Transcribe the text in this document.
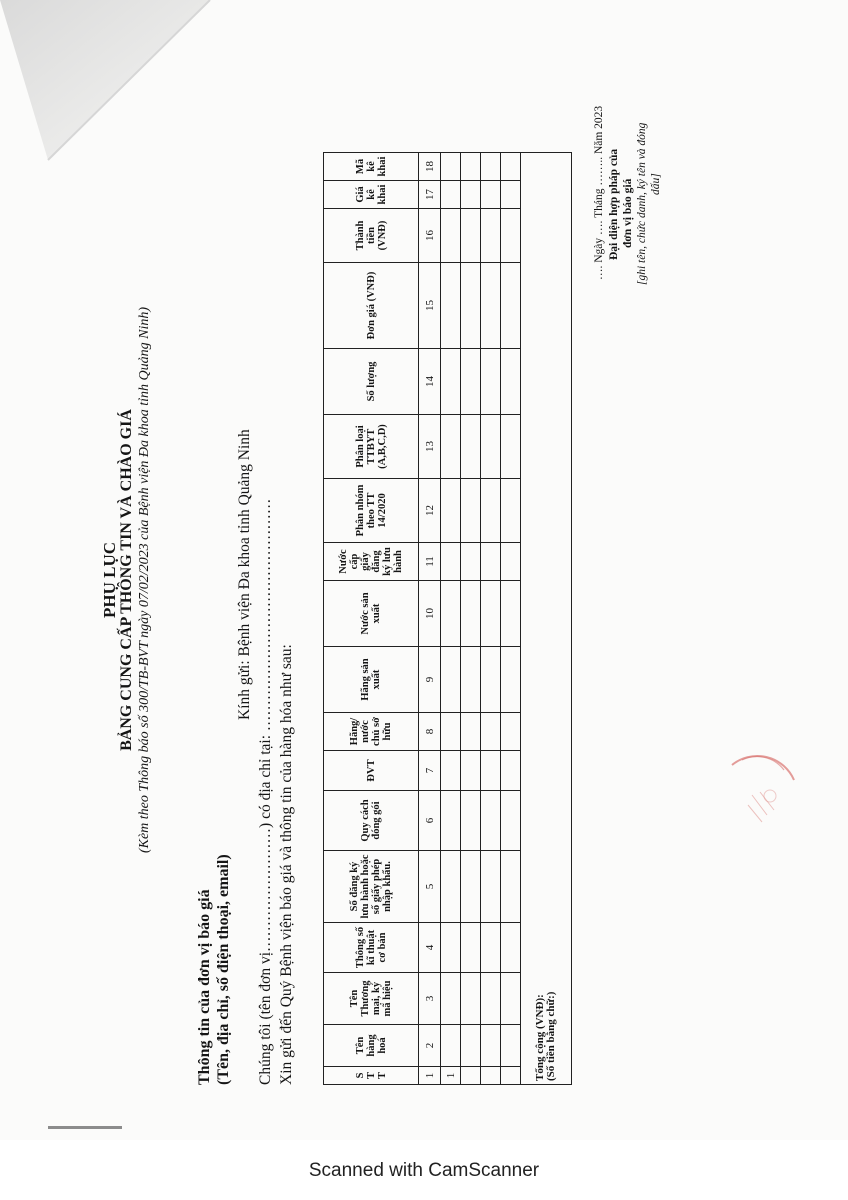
PHỤ LỤC BẢNG CUNG CẤP THÔNG TIN VÀ CHÀO GIÁ (Kèm theo Thông báo số 300/TB-BVT ngày 07/02/2023 của Bệnh viện Đa khoa tỉnh Quảng Ninh)
Thông tin của đơn vị báo giá (Tên, địa chỉ, số điện thoại, email)
Kính gửi: Bệnh viện Đa khoa tỉnh Quảng Ninh Chúng tôi (tên đơn vị……………………) có địa chỉ tại: ……………………………………… Xin gửi đến Quý Bệnh viện báo giá và thông tin của hàng hóa như sau:	S T T	Tên hàng hoá	Tên Thương mại, ký mã hiệu	Thông số kĩ thuật cơ bản	Số đăng ký lưu hành hoặc số giấy phép nhập khẩu.	Quy cách đóng gói	ĐVT	Hãng/ nước chủ sở hữu	Hãng sản xuất	Nước sản xuất	Nước cấp giấy đăng ký lưu hành	Phân nhóm theo TT 14/2020	Phân loại TTBYT (A,B,C,D)	Số lượng	Đơn giá (VNĐ)	Thành tiền (VNĐ)	Giá kê khai	Mã kê khai
1	2	3	4	5	6	7	8	9	10	11	12	13	14	15	16	17	18
1																	

Tổng cộng (VNĐ):
(Số tiền bằng chữ:)																	
…. Ngày …. Tháng …….. Năm 2023 Đại diện hợp pháp của đơn vị báo giá [ghi tên, chức danh, ký tên và đóng dấu]
Scanned with CamScanner
